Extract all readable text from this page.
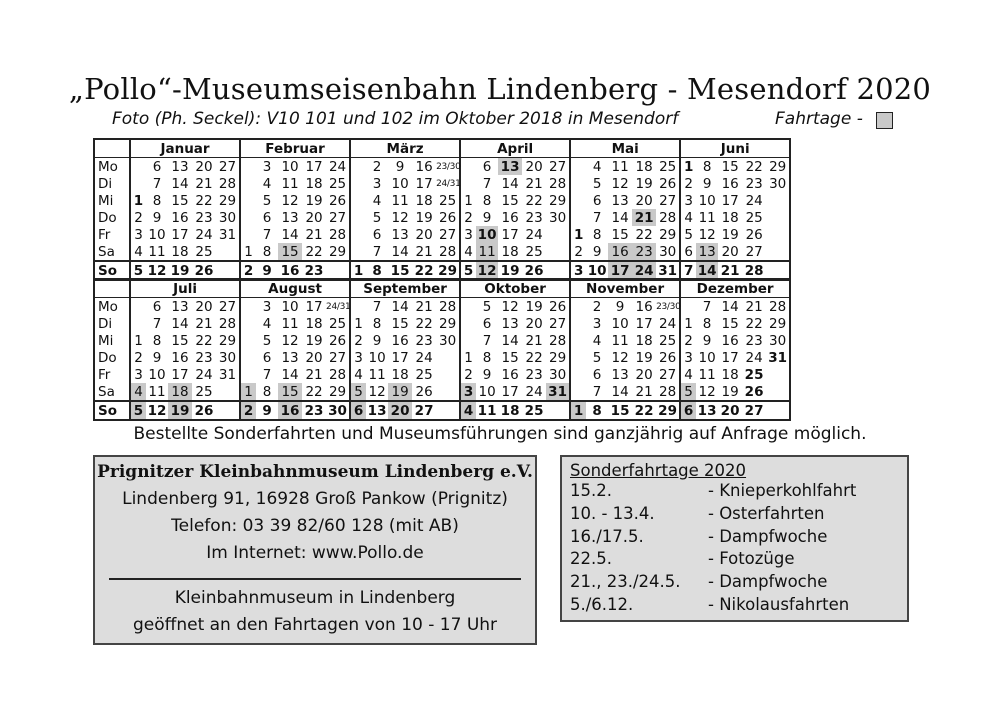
„Pollo“-Museumseisenbahn Lindenberg - Mesendorf 2020
Foto (Ph. Seckel): V10 101 und 102 im Oktober 2018 in Mesendorf	Fahrtage -
	Januar					Februar					März					April					Mai					Juni				
Mo		6	13	20	27		3	10	17	24		2	9	16	23/30		6	13	20	27		4	11	18	25	1	8	15	22	29
Di		7	14	21	28		4	11	18	25		3	10	17	24/31		7	14	21	28		5	12	19	26	2	9	16	23	30
Mi	1	8	15	22	29		5	12	19	26		4	11	18	25	1	8	15	22	29		6	13	20	27	3	10	17	24	
Do	2	9	16	23	30		6	13	20	27		5	12	19	26	2	9	16	23	30		7	14	21	28	4	11	18	25	
Fr	3	10	17	24	31		7	14	21	28		6	13	20	27	3	10	17	24		1	8	15	22	29	5	12	19	26	
Sa	4	11	18	25		1	8	15	22	29		7	14	21	28	4	11	18	25		2	9	16	23	30	6	13	20	27	
So	5	12	19	26		2	9	16	23		1	8	15	22	29	5	12	19	26		3	10	17	24	31	7	14	21	28	
	Juli					August					September					Oktober					November					Dezember				
Mo		6	13	20	27		3	10	17	24/31		7	14	21	28		5	12	19	26		2	9	16	23/30		7	14	21	28
Di		7	14	21	28		4	11	18	25	1	8	15	22	29		6	13	20	27		3	10	17	24	1	8	15	22	29
Mi	1	8	15	22	29		5	12	19	26	2	9	16	23	30		7	14	21	28		4	11	18	25	2	9	16	23	30
Do	2	9	16	23	30		6	13	20	27	3	10	17	24		1	8	15	22	29		5	12	19	26	3	10	17	24	31
Fr	3	10	17	24	31		7	14	21	28	4	11	18	25		2	9	16	23	30		6	13	20	27	4	11	18	25	
Sa	4	11	18	25		1	8	15	22	29	5	12	19	26		3	10	17	24	31		7	14	21	28	5	12	19	26	
So	5	12	19	26		2	9	16	23	30	6	13	20	27		4	11	18	25		1	8	15	22	29	6	13	20	27	
Bestellte Sonderfahrten und Museumsführungen sind ganzjährig auf Anfrage möglich.
Prignitzer Kleinbahnmuseum Lindenberg e.V.
Lindenberg 91, 16928 Groß Pankow (Prignitz)
Telefon: 03 39 82/60 128 (mit AB)
Im Internet: www.Pollo.de
Kleinbahnmuseum in Lindenberg
geöffnet an den Fahrtagen von 10 - 17 Uhr
Sonderfahrtage 2020
15.2.	- Knieperkohlfahrt
10. - 13.4.	- Osterfahrten
16./17.5.	- Dampfwoche
22.5.	- Fotozüge
21., 23./24.5. - Dampfwoche
5./6.12.	- Nikolausfahrten
